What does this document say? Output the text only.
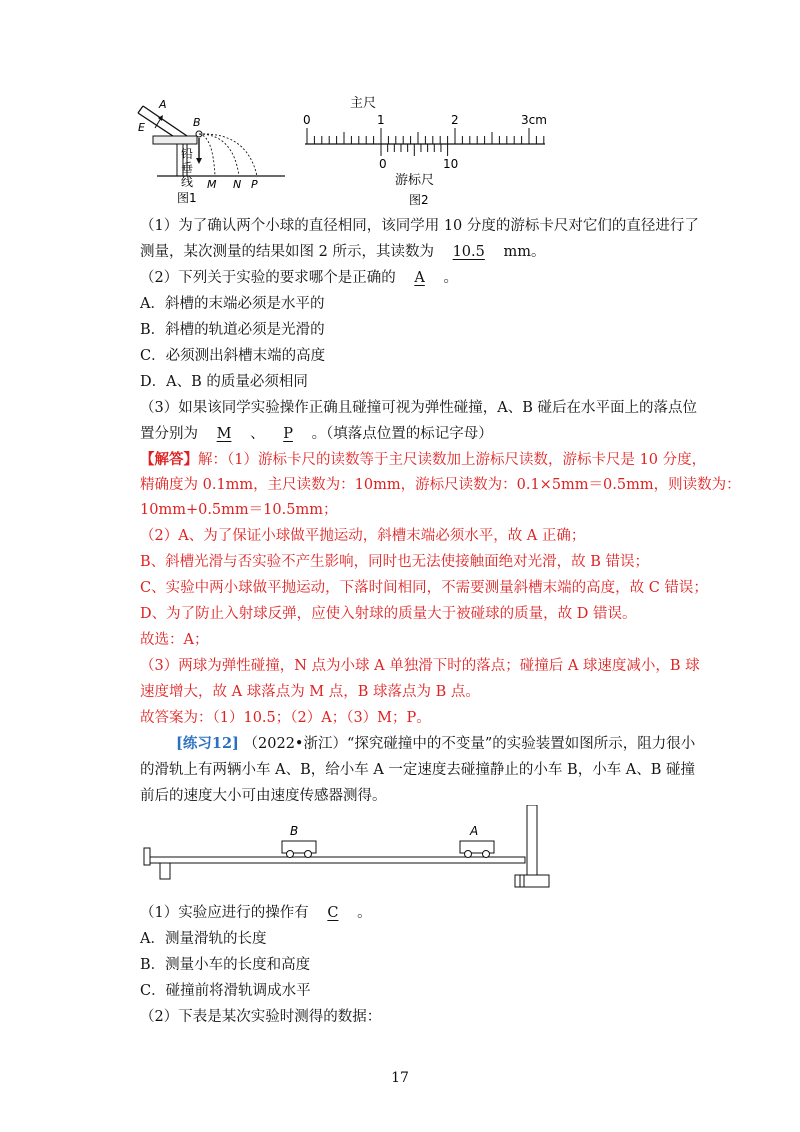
A
E	B
M N P
铅
垂
线
图1
主尺
0	1	2	3cm
0	10
游标尺
图2
（1）为了确认两个小球的直径相同，该同学用 10 分度的游标卡尺对它们的直径进行了
测量，某次测量的结果如图 2 所示，其读数为 10.5 mm。
（2）下列关于实验的要求哪个是正确的 A 。
A．斜槽的末端必须是水平的
B．斜槽的轨道必须是光滑的
C．必须测出斜槽末端的高度
D．A、B 的质量必须相同
（3）如果该同学实验操作正确且碰撞可视为弹性碰撞，A、B 碰后在水平面上的落点位
置分别为 M 、 P 。（填落点位置的标记字母）
【解答】解：（1）游标卡尺的读数等于主尺读数加上游标尺读数，游标卡尺是 10 分度，
精确度为 0.1mm，主尺读数为：10mm，游标尺读数为：0.1×5mm＝0.5mm，则读数为：
10mm+0.5mm＝10.5mm；
（2）A、为了保证小球做平抛运动，斜槽末端必须水平，故 A 正确；
B、斜槽光滑与否实验不产生影响，同时也无法使接触面绝对光滑，故 B 错误；
C、实验中两小球做平抛运动，下落时间相同，不需要测量斜槽末端的高度，故 C 错误；
D、为了防止入射球反弹，应使入射球的质量大于被碰球的质量，故 D 错误。
故选：A；
（3）两球为弹性碰撞，N 点为小球 A 单独滑下时的落点；碰撞后 A 球速度减小，B 球
速度增大，故 A 球落点为 M 点，B 球落点为 B 点。
故答案为：（1）10.5；（2）A；（3）M；P。
[练习12] （2022•浙江）“探究碰撞中的不变量”的实验装置如图所示，阻力很小
的滑轨上有两辆小车 A、B，给小车 A 一定速度去碰撞静止的小车 B，小车 A、B 碰撞
前后的速度大小可由速度传感器测得。
B	A
（1）实验应进行的操作有 C 。
A．测量滑轨的长度
B．测量小车的长度和高度
C．碰撞前将滑轨调成水平
（2）下表是某次实验时测得的数据：
17
